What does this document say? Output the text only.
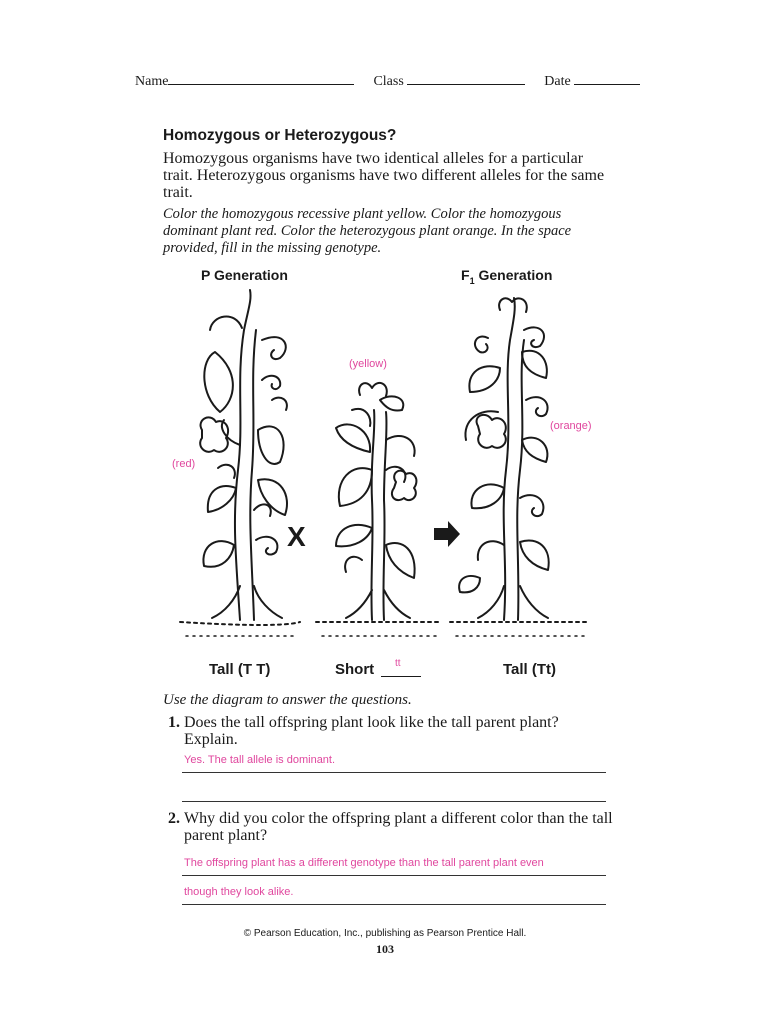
Name	Class	Date
Homozygous or Heterozygous?
Homozygous organisms have two identical alleles for a particular trait. Heterozygous organisms have two different alleles for the same trait.
Color the homozygous recessive plant yellow. Color the homozygous dominant plant red. Color the heterozygous plant orange. In the space provided, fill in the missing genotype.
P Generation	$F_1$ Generation
X
(yellow)
(orange)
(red)
Tall (T T)	Short tt	Tall (Tt)
Use the diagram to answer the questions.
1. Does the tall offspring plant look like the tall parent plant? Explain.
Yes. The tall allele is dominant.
2. Why did you color the offspring plant a different color than the tall parent plant?
The offspring plant has a different genotype than the tall parent plant even
though they look alike.
© Pearson Education, Inc., publishing as Pearson Prentice Hall.
103
